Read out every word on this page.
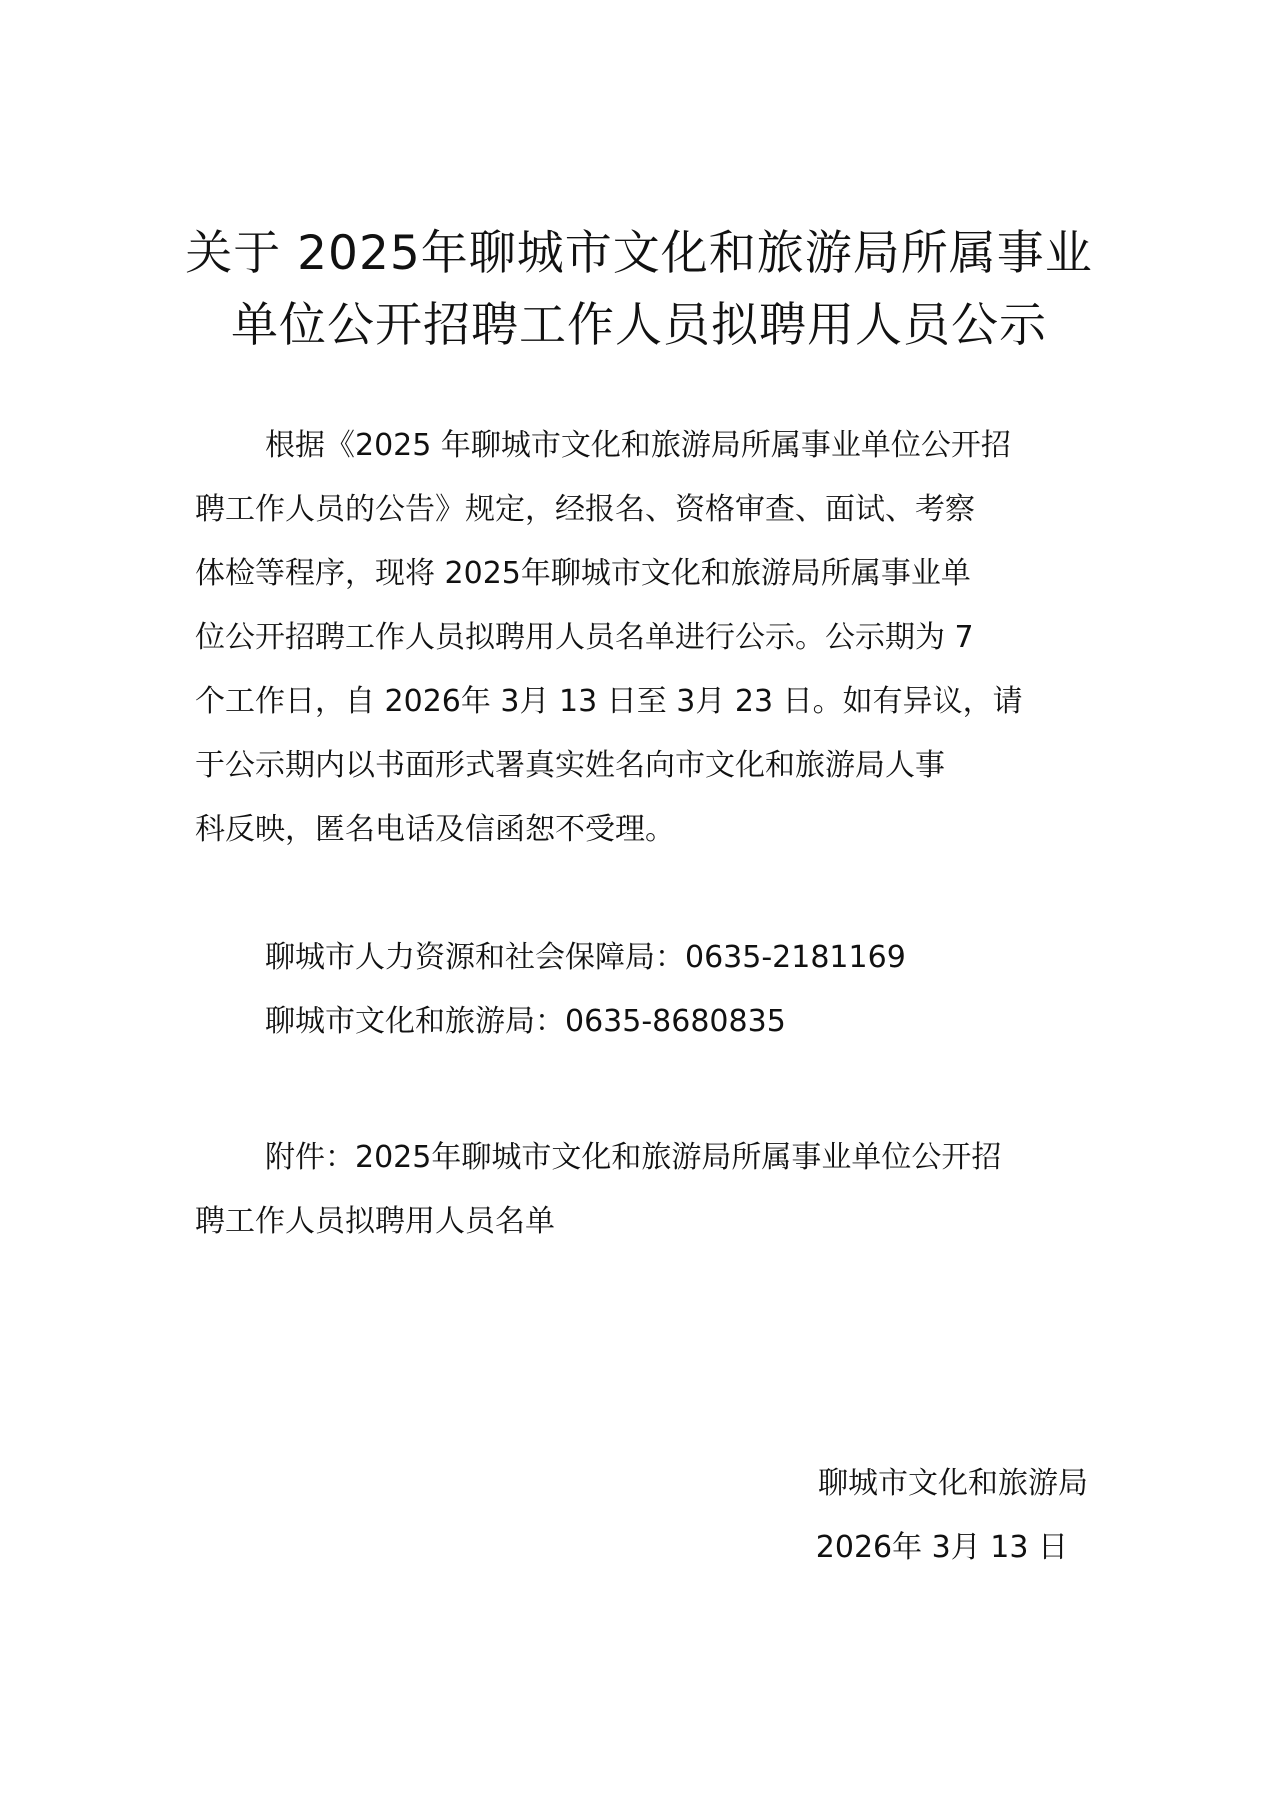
关于 2025年聊城市文化和旅游局所属事业
单位公开招聘工作人员拟聘用人员公示
根据《2025 年聊城市文化和旅游局所属事业单位公开招
聘工作人员的公告》规定，经报名、资格审查、面试、考察
体检等程序，现将 2025年聊城市文化和旅游局所属事业单
位公开招聘工作人员拟聘用人员名单进行公示。公示期为 7
个工作日，自 2026年 3月 13 日至 3月 23 日。如有异议，请
于公示期内以书面形式署真实姓名向市文化和旅游局人事
科反映，匿名电话及信函恕不受理。
聊城市人力资源和社会保障局：0635-2181169
聊城市文化和旅游局：0635-8680835
附件：2025年聊城市文化和旅游局所属事业单位公开招
聘工作人员拟聘用人员名单
聊城市文化和旅游局
2026年 3月 13 日
